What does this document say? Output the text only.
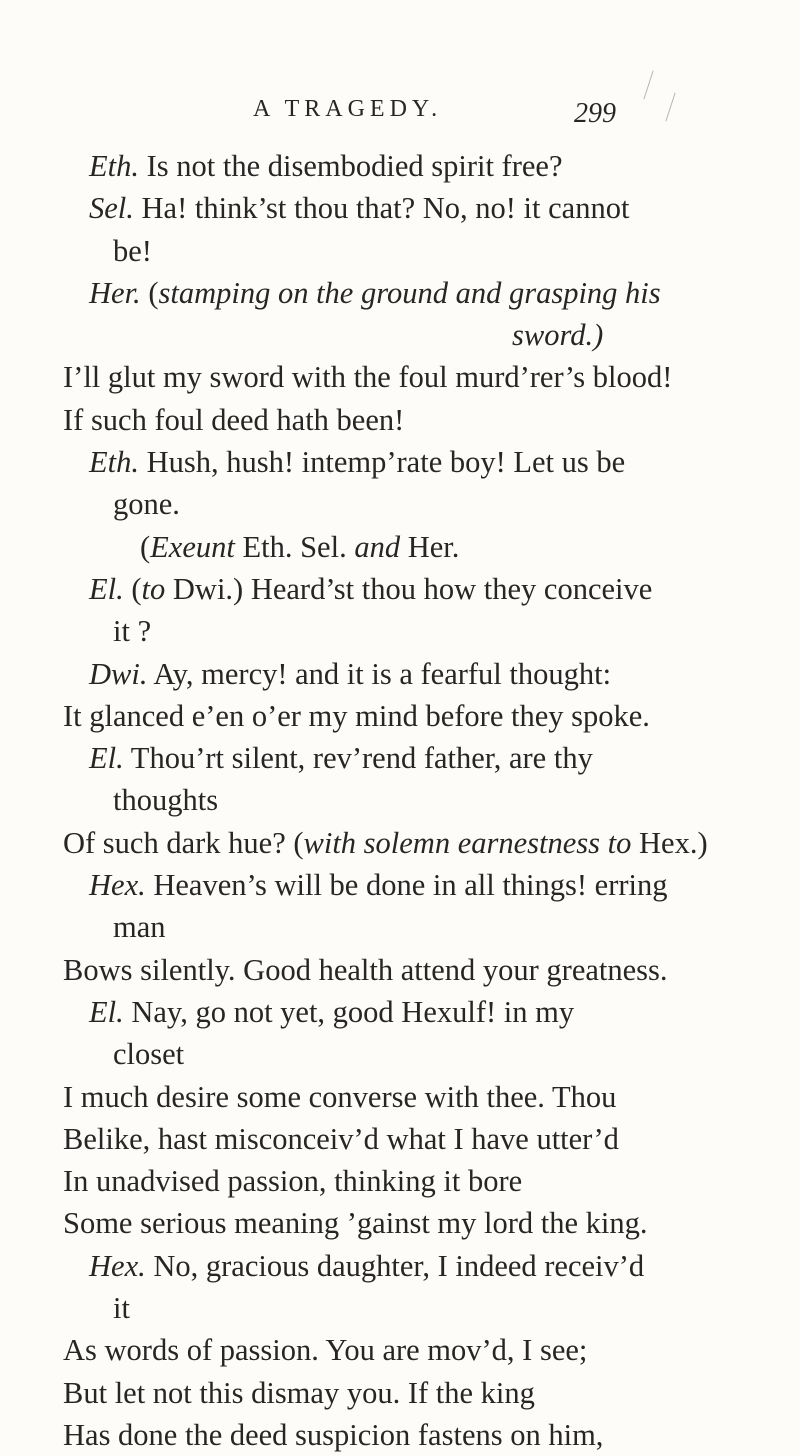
A TRAGEDY.	299
Eth. Is not the disembodied spirit free?
Sel. Ha! think’st thou that? No, no! it cannot
be!
Her. (stamping on the ground and grasping his
sword.)
I’ll glut my sword with the foul murd’rer’s blood!
If such foul deed hath been!
Eth. Hush, hush! intemp’rate boy! Let us be
gone.
(Exeunt Eth. Sel. and Her.
El. (to Dwi.) Heard’st thou how they conceive
it ?
Dwi. Ay, mercy! and it is a fearful thought:
It glanced e’en o’er my mind before they spoke.
El. Thou’rt silent, rev’rend father, are thy
thoughts
Of such dark hue? (with solemn earnestness to Hex.)
Hex. Heaven’s will be done in all things! erring
man
Bows silently. Good health attend your greatness.
El. Nay, go not yet, good Hexulf! in my
closet
I much desire some converse with thee. Thou
Belike, hast misconceiv’d what I have utter’d
In unadvised passion, thinking it bore
Some serious meaning ’gainst my lord the king.
Hex. No, gracious daughter, I indeed receiv’d
it
As words of passion. You are mov’d, I see;
But let not this dismay you. If the king
Has done the deed suspicion fastens on him,
